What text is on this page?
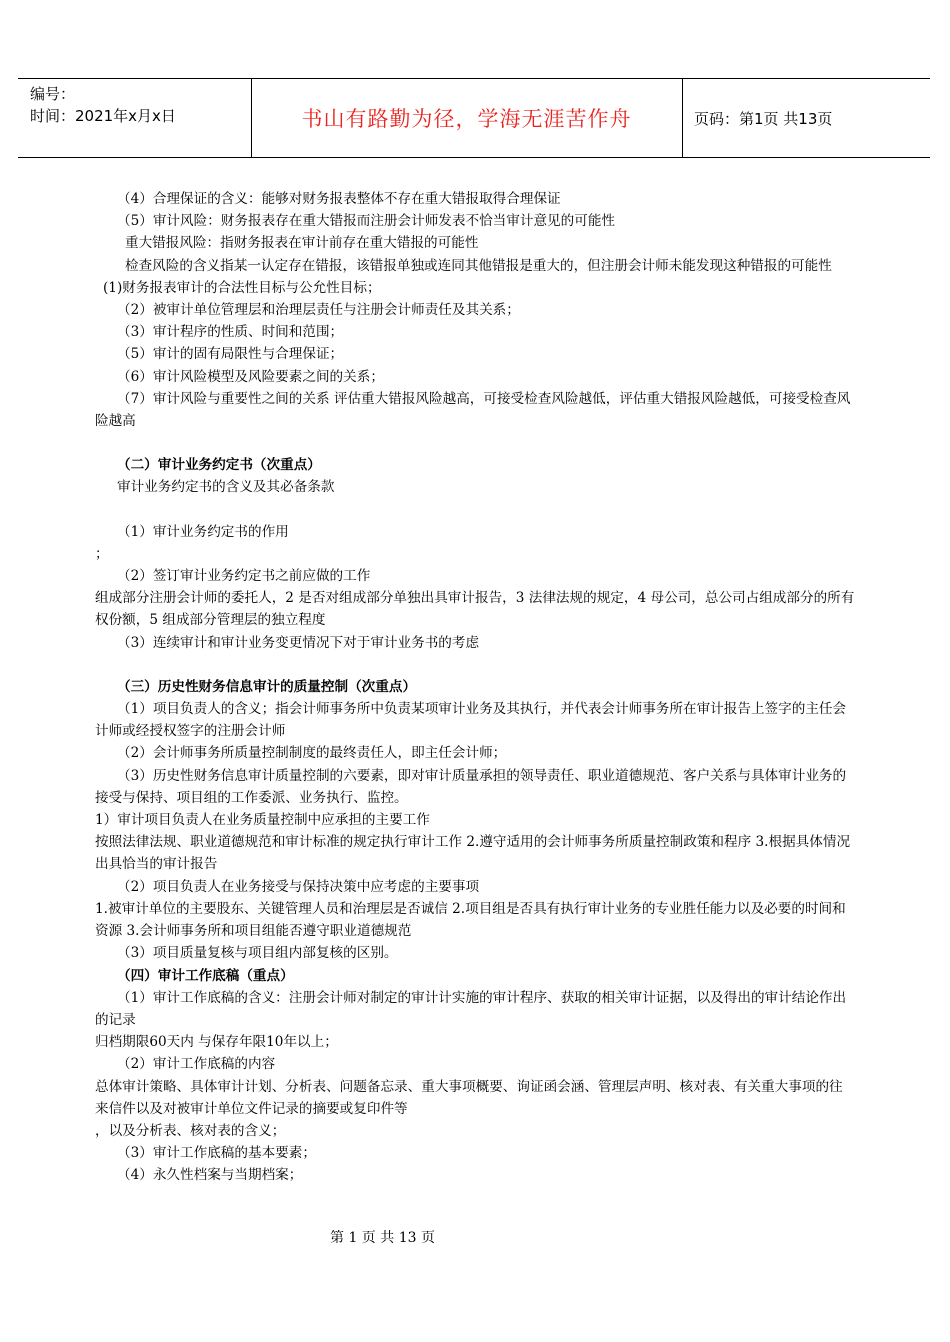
编号：
时间：2021年x月x日	书山有路勤为径，学海无涯苦作舟	页码：第1页 共13页
（4）合理保证的含义：能够对财务报表整体不存在重大错报取得合理保证
（5）审计风险：财务报表存在重大错报而注册会计师发表不恰当审计意见的可能性
重大错报风险：指财务报表在审计前存在重大错报的可能性
检查风险的含义指某一认定存在错报，该错报单独或连同其他错报是重大的，但注册会计师未能发现这种错报的可能性
(1)财务报表审计的合法性目标与公允性目标；
（2）被审计单位管理层和治理层责任与注册会计师责任及其关系；
（3）审计程序的性质、时间和范围；
（5）审计的固有局限性与合理保证；
（6）审计风险模型及风险要素之间的关系；
（7）审计风险与重要性之间的关系 评估重大错报风险越高，可接受检查风险越低，评估重大错报风险越低，可接受检查风险越高
（二）审计业务约定书（次重点）
审计业务约定书的含义及其必备条款
（1）审计业务约定书的作用
；
（2）签订审计业务约定书之前应做的工作
组成部分注册会计师的委托人，2 是否对组成部分单独出具审计报告，3 法律法规的规定，4 母公司，总公司占组成部分的所有权份额，5 组成部分管理层的独立程度
（3）连续审计和审计业务变更情况下对于审计业务书的考虑
（三）历史性财务信息审计的质量控制（次重点）
（1）项目负责人的含义；指会计师事务所中负责某项审计业务及其执行，并代表会计师事务所在审计报告上签字的主任会计师或经授权签字的注册会计师
（2）会计师事务所质量控制制度的最终责任人，即主任会计师；
（3）历史性财务信息审计质量控制的六要素，即对审计质量承担的领导责任、职业道德规范、客户关系与具体审计业务的接受与保持、项目组的工作委派、业务执行、监控。
1）审计项目负责人在业务质量控制中应承担的主要工作
按照法律法规、职业道德规范和审计标准的规定执行审计工作 2.遵守适用的会计师事务所质量控制政策和程序 3.根据具体情况出具恰当的审计报告
（2）项目负责人在业务接受与保持决策中应考虑的主要事项
1.被审计单位的主要股东、关键管理人员和治理层是否诚信 2.项目组是否具有执行审计业务的专业胜任能力以及必要的时间和资源 3.会计师事务所和项目组能否遵守职业道德规范
（3）项目质量复核与项目组内部复核的区别。
（四）审计工作底稿（重点）
（1）审计工作底稿的含义：注册会计师对制定的审计计实施的审计程序、获取的相关审计证据，以及得出的审计结论作出的记录
归档期限60天内 与保存年限10年以上；
（2）审计工作底稿的内容
总体审计策略、具体审计计划、分析表、问题备忘录、重大事项概要、询证函会涵、管理层声明、核对表、有关重大事项的往来信件以及对被审计单位文件记录的摘要或复印件等
，以及分析表、核对表的含义；
（3）审计工作底稿的基本要素；
（4）永久性档案与当期档案；
第 1 页 共 13 页
